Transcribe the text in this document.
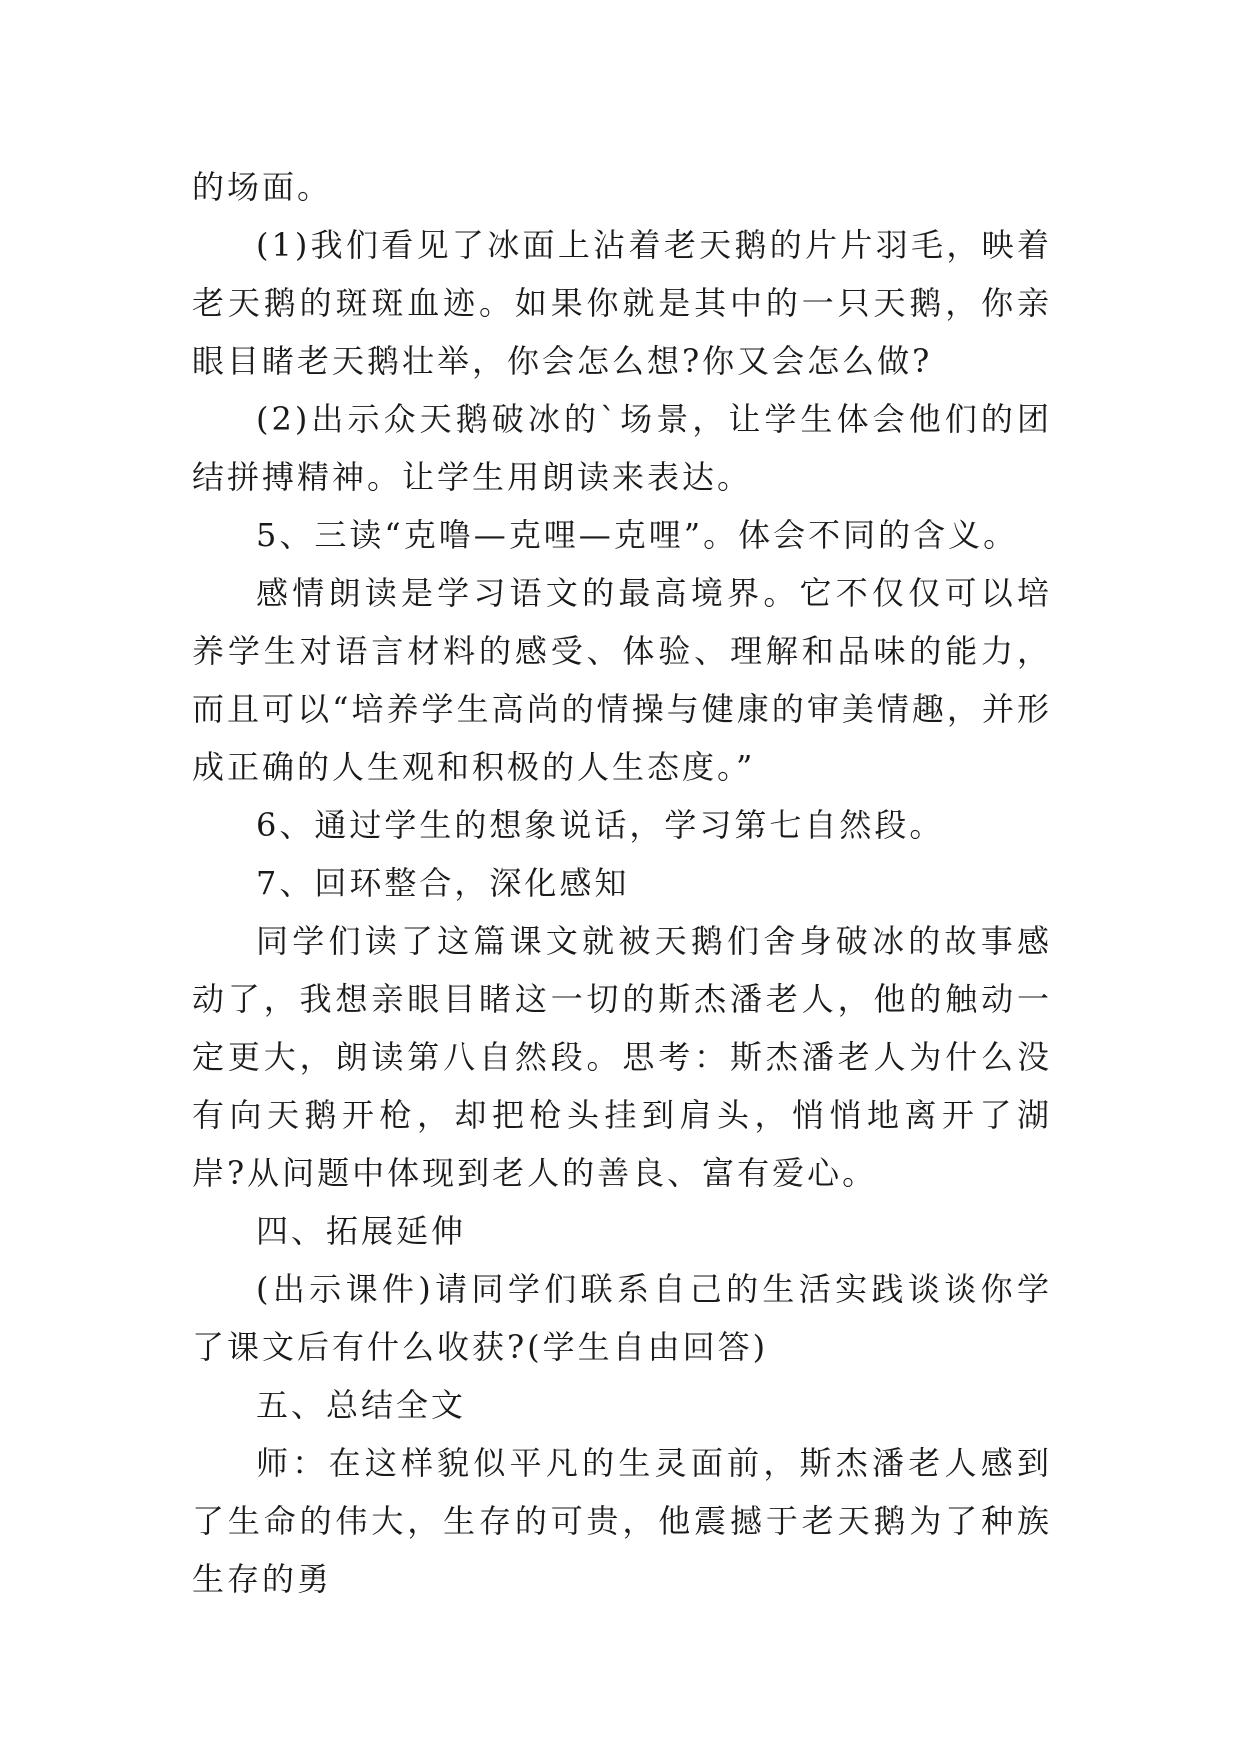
的场面。

(1)我们看见了冰面上沾着老天鹅的片片羽毛，映着老天鹅的斑斑血迹。如果你就是其中的一只天鹅，你亲眼目睹老天鹅壮举，你会怎么想?你又会怎么做?

(2)出示众天鹅破冰的`场景，让学生体会他们的团结拼搏精神。让学生用朗读来表达。

5、三读“克噜—克哩—克哩”。体会不同的含义。

感情朗读是学习语文的最高境界。它不仅仅可以培养学生对语言材料的感受、体验、理解和品味的能力，而且可以“培养学生高尚的情操与健康的审美情趣，并形成正确的人生观和积极的人生态度。”

6、通过学生的想象说话，学习第七自然段。

7、回环整合，深化感知

同学们读了这篇课文就被天鹅们舍身破冰的故事感动了，我想亲眼目睹这一切的斯杰潘老人，他的触动一定更大，朗读第八自然段。思考：斯杰潘老人为什么没有向天鹅开枪，却把枪头挂到肩头，悄悄地离开了湖岸?从问题中体现到老人的善良、富有爱心。

四、拓展延伸

(出示课件)请同学们联系自己的生活实践谈谈你学了课文后有什么收获?(学生自由回答)

五、总结全文

师：在这样貌似平凡的生灵面前，斯杰潘老人感到了生命的伟大，生存的可贵，他震撼于老天鹅为了种族生存的勇
